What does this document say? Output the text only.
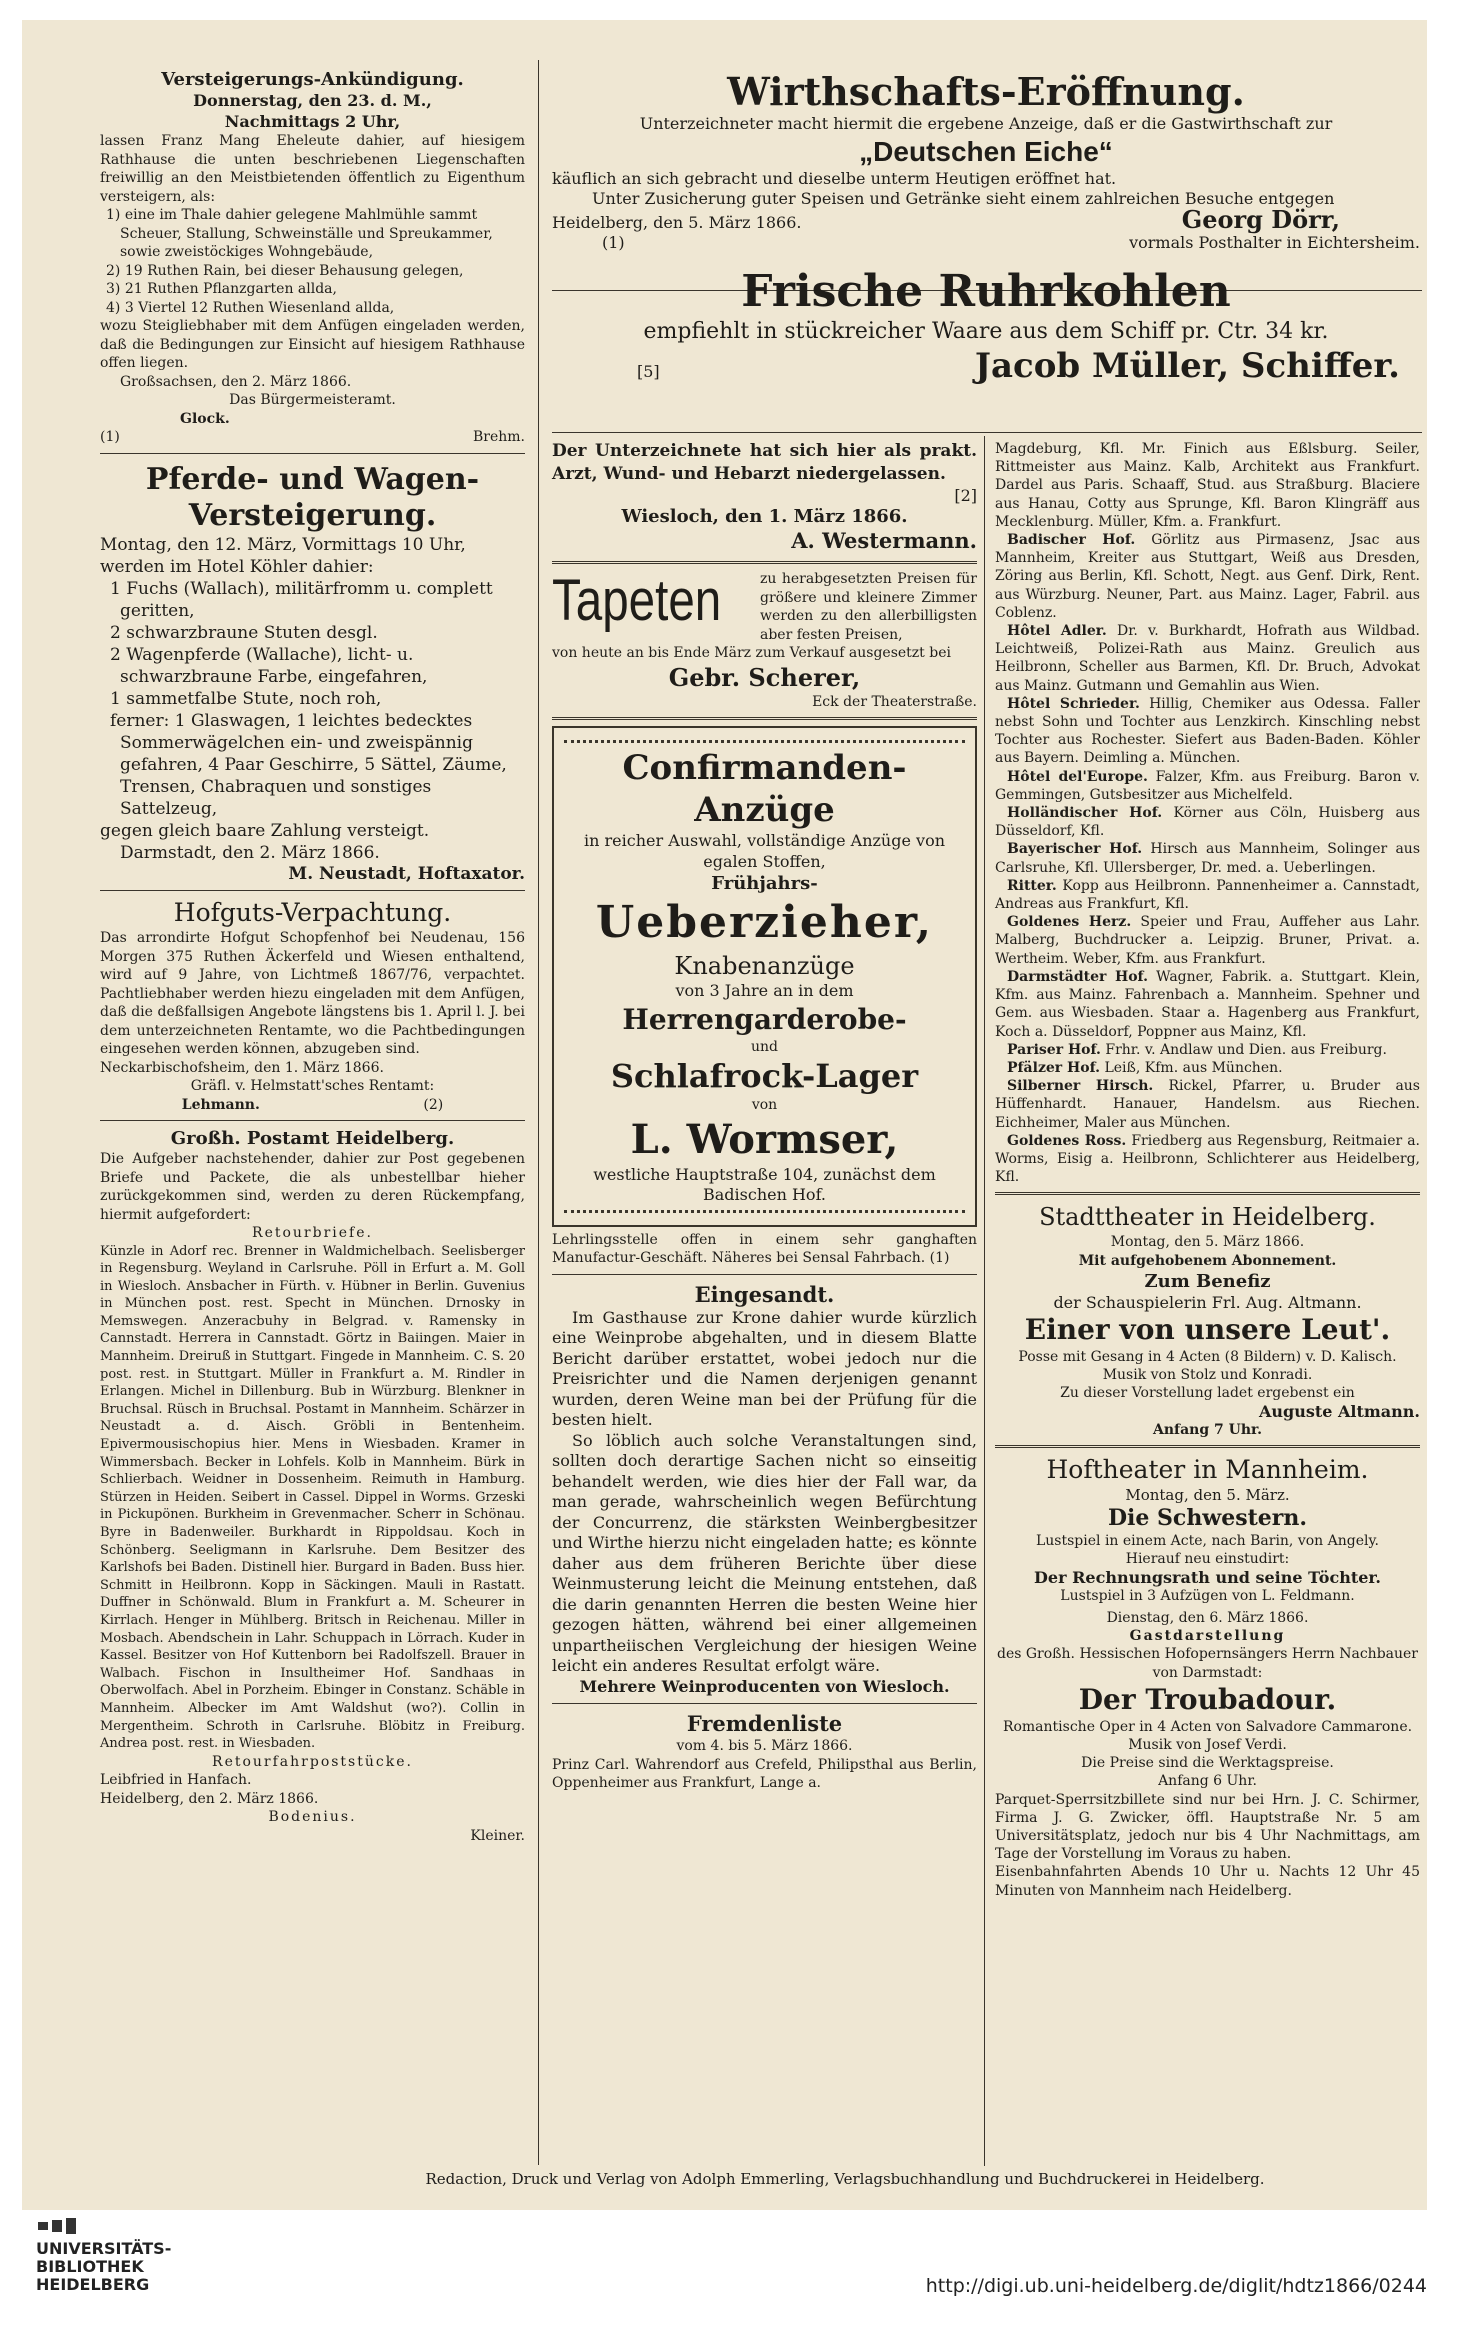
Versteigerungs-Ankündigung.
Donnerstag, den 23. d. M.,
Nachmittags 2 Uhr,
lassen Franz Mang Eheleute dahier, auf hiesigem Rathhause die unten beschriebenen Liegenschaften freiwillig an den Meistbietenden öffentlich zu Eigenthum versteigern, als:
1) eine im Thale dahier gelegene Mahlmühle sammt Scheuer, Stallung, Schweinställe und Spreukammer, sowie zweistöckiges Wohngebäude,
2) 19 Ruthen Rain, bei dieser Behausung gelegen,
3) 21 Ruthen Pflanzgarten allda,
4) 3 Viertel 12 Ruthen Wiesenland allda,
wozu Steigliebhaber mit dem Anfügen eingeladen werden, daß die Bedingungen zur Einsicht auf hiesigem Rathhause offen liegen.
Großsachsen, den 2. März 1866.
Das Bürgermeisteramt.
Glock.
(1)	Brehm.
Pferde- und Wagen-
Versteigerung.
Montag, den 12. März, Vormittags 10 Uhr, werden im Hotel Köhler dahier:
1 Fuchs (Wallach), militärfromm u. complett geritten,
2 schwarzbraune Stuten desgl.
2 Wagenpferde (Wallache), licht- u. schwarzbraune Farbe, eingefahren,
1 sammetfalbe Stute, noch roh,
ferner: 1 Glaswagen, 1 leichtes bedecktes Sommerwägelchen ein- und zweispännig gefahren, 4 Paar Geschirre, 5 Sättel, Zäume, Trensen, Chabraquen und sonstiges Sattelzeug,
gegen gleich baare Zahlung versteigt.
Darmstadt, den 2. März 1866.
M. Neustadt, Hoftaxator.
Hofguts-Verpachtung.
Das arrondirte Hofgut Schopfenhof bei Neudenau, 156 Morgen 375 Ruthen Äckerfeld und Wiesen enthaltend, wird auf 9 Jahre, von Lichtmeß 1867/76, verpachtet. Pachtliebhaber werden hiezu eingeladen mit dem Anfügen, daß die deßfallsigen Angebote längstens bis 1. April l. J. bei dem unterzeichneten Rentamte, wo die Pachtbedingungen eingesehen werden können, abzugeben sind.
Neckarbischofsheim, den 1. März 1866.
Gräfl. v. Helmstatt'sches Rentamt:
Lehmann.	(2)
Großh. Postamt Heidelberg.
Die Aufgeber nachstehender, dahier zur Post gegebenen Briefe und Packete, die als unbestellbar hieher zurückgekommen sind, werden zu deren Rückempfang, hiermit aufgefordert:
Retourbriefe.
Künzle in Adorf rec. Brenner in Waldmichelbach. Seelisberger in Regensburg. Weyland in Carlsruhe. Pöll in Erfurt a. M. Goll in Wiesloch. Ansbacher in Fürth. v. Hübner in Berlin. Guvenius in München post. rest. Specht in München. Drnosky in Memswegen. Anzeracbuhy in Belgrad. v. Ramensky in Cannstadt. Herrera in Cannstadt. Görtz in Baiingen. Maier in Mannheim. Dreiruß in Stuttgart. Fingede in Mannheim. C. S. 20 post. rest. in Stuttgart. Müller in Frankfurt a. M. Rindler in Erlangen. Michel in Dillenburg. Bub in Würzburg. Blenkner in Bruchsal. Rüsch in Bruchsal. Postamt in Mannheim. Schärzer in Neustadt a. d. Aisch. Gröbli in Bentenheim. Epivermousischopius hier. Mens in Wiesbaden. Kramer in Wimmersbach. Becker in Lohfels. Kolb in Mannheim. Bürk in Schlierbach. Weidner in Dossenheim. Reimuth in Hamburg. Stürzen in Heiden. Seibert in Cassel. Dippel in Worms. Grzeski in Pickupönen. Burkheim in Grevenmacher. Scherr in Schönau. Byre in Badenweiler. Burkhardt in Rippoldsau. Koch in Schönberg. Seeligmann in Karlsruhe. Dem Besitzer des Karlshofs bei Baden. Distinell hier. Burgard in Baden. Buss hier. Schmitt in Heilbronn. Kopp in Säckingen. Mauli in Rastatt. Duffner in Schönwald. Blum in Frankfurt a. M. Scheurer in Kirrlach. Henger in Mühlberg. Britsch in Reichenau. Miller in Mosbach. Abendschein in Lahr. Schuppach in Lörrach. Kuder in Kassel. Besitzer von Hof Kuttenborn bei Radolfszell. Brauer in Walbach. Fischon in Insultheimer Hof. Sandhaas in Oberwolfach. Abel in Porzheim. Ebinger in Constanz. Schäble in Mannheim. Albecker im Amt Waldshut (wo?). Collin in Mergentheim. Schroth in Carlsruhe. Blöbitz in Freiburg. Andrea post. rest. in Wiesbaden.
Retourfahrpoststücke.
Leibfried in Hanfach.
Heidelberg, den 2. März 1866.
Bodenius.
Kleiner.
Wirthschafts-Eröffnung.
Unterzeichneter macht hiermit die ergebene Anzeige, daß er die Gastwirthschaft zur
„Deutschen Eiche“
käuflich an sich gebracht und dieselbe unterm Heutigen eröffnet hat.
Unter Zusicherung guter Speisen und Getränke sieht einem zahlreichen Besuche entgegen
Heidelberg, den 5. März 1866.	Georg Dörr,
(1)	vormals Posthalter in Eichtersheim.
Frische Ruhrkohlen
empfiehlt in stückreicher Waare aus dem Schiff pr. Ctr. 34 kr.
[5]	Jacob Müller, Schiffer.
Der Unterzeichnete hat sich hier als prakt. Arzt, Wund- und Hebarzt niedergelassen.
[2]
Wiesloch, den 1. März 1866.
A. Westermann.
Tapeten	zu herabgesetzten Preisen für größere und kleinere Zimmer werden zu den allerbilligsten aber festen Preisen,
von heute an bis Ende März zum Verkauf ausgesetzt bei
Gebr. Scherer,
Eck der Theaterstraße.
Confirmanden-
Anzüge
in reicher Auswahl, vollständige Anzüge von egalen Stoffen,
Frühjahrs-
Ueberzieher,
Knabenanzüge
von 3 Jahre an in dem
Herrengarderobe-
und
Schlafrock-Lager
von
L. Wormser,
westliche Hauptstraße 104, zunächst dem Badischen Hof.
Lehrlingsstelle offen in einem sehr ganghaften Manufactur-Geschäft. Näheres bei Sensal Fahrbach. (1)
Eingesandt.
Im Gasthause zur Krone dahier wurde kürzlich eine Weinprobe abgehalten, und in diesem Blatte Bericht darüber erstattet, wobei jedoch nur die Preisrichter und die Namen derjenigen genannt wurden, deren Weine man bei der Prüfung für die besten hielt.
So löblich auch solche Veranstaltungen sind, sollten doch derartige Sachen nicht so einseitig behandelt werden, wie dies hier der Fall war, da man gerade, wahrscheinlich wegen Befürchtung der Concurrenz, die stärksten Weinbergbesitzer und Wirthe hierzu nicht eingeladen hatte; es könnte daher aus dem früheren Berichte über diese Weinmusterung leicht die Meinung entstehen, daß die darin genannten Herren die besten Weine hier gezogen hätten, während bei einer allgemeinen unpartheiischen Vergleichung der hiesigen Weine leicht ein anderes Resultat erfolgt wäre.
Mehrere Weinproducenten von Wiesloch.
Fremdenliste
vom 4. bis 5. März 1866.
Prinz Carl. Wahrendorf aus Crefeld, Philipsthal aus Berlin, Oppenheimer aus Frankfurt, Lange a.
Magdeburg, Kfl. Mr. Finich aus Eßlsburg. Seiler, Rittmeister aus Mainz. Kalb, Architekt aus Frankfurt. Dardel aus Paris. Schaaff, Stud. aus Straßburg. Blaciere aus Hanau, Cotty aus Sprunge, Kfl. Baron Klingräff aus Mecklenburg. Müller, Kfm. a. Frankfurt.
Badischer Hof. Görlitz aus Pirmasenz, Jsac aus Mannheim, Kreiter aus Stuttgart, Weiß aus Dresden, Zöring aus Berlin, Kfl. Schott, Negt. aus Genf. Dirk, Rent. aus Würzburg. Neuner, Part. aus Mainz. Lager, Fabril. aus Coblenz.
Hôtel Adler. Dr. v. Burkhardt, Hofrath aus Wildbad. Leichtweiß, Polizei-Rath aus Mainz. Greulich aus Heilbronn, Scheller aus Barmen, Kfl. Dr. Bruch, Advokat aus Mainz. Gutmann und Gemahlin aus Wien.
Hôtel Schrieder. Hillig, Chemiker aus Odessa. Faller nebst Sohn und Tochter aus Lenzkirch. Kinschling nebst Tochter aus Rochester. Siefert aus Baden-Baden. Köhler aus Bayern. Deimling a. München.
Hôtel del'Europe. Falzer, Kfm. aus Freiburg. Baron v. Gemmingen, Gutsbesitzer aus Michelfeld.
Holländischer Hof. Körner aus Cöln, Huisberg aus Düsseldorf, Kfl.
Bayerischer Hof. Hirsch aus Mannheim, Solinger aus Carlsruhe, Kfl. Ullersberger, Dr. med. a. Ueberlingen.
Ritter. Kopp aus Heilbronn. Pannenheimer a. Cannstadt, Andreas aus Frankfurt, Kfl.
Goldenes Herz. Speier und Frau, Auffeher aus Lahr. Malberg, Buchdrucker a. Leipzig. Bruner, Privat. a. Wertheim. Weber, Kfm. aus Frankfurt.
Darmstädter Hof. Wagner, Fabrik. a. Stuttgart. Klein, Kfm. aus Mainz. Fahrenbach a. Mannheim. Spehner und Gem. aus Wiesbaden. Staar a. Hagenberg aus Frankfurt, Koch a. Düsseldorf, Poppner aus Mainz, Kfl.
Pariser Hof. Frhr. v. Andlaw und Dien. aus Freiburg.
Pfälzer Hof. Leiß, Kfm. aus München.
Silberner Hirsch. Rickel, Pfarrer, u. Bruder aus Hüffenhardt. Hanauer, Handelsm. aus Riechen. Eichheimer, Maler aus München.
Goldenes Ross. Friedberg aus Regensburg, Reitmaier a. Worms, Eisig a. Heilbronn, Schlichterer aus Heidelberg, Kfl.
Stadttheater in Heidelberg.
Montag, den 5. März 1866.
Mit aufgehobenem Abonnement.
Zum Benefiz
der Schauspielerin Frl. Aug. Altmann.
Einer von unsere Leut'.
Posse mit Gesang in 4 Acten (8 Bildern) v. D. Kalisch. Musik von Stolz und Konradi.
Zu dieser Vorstellung ladet ergebenst ein
Auguste Altmann.
Anfang 7 Uhr.
Hoftheater in Mannheim.
Montag, den 5. März.
Die Schwestern.
Lustspiel in einem Acte, nach Barin, von Angely.
Hierauf neu einstudirt:
Der Rechnungsrath und seine Töchter.
Lustspiel in 3 Aufzügen von L. Feldmann.
Dienstag, den 6. März 1866.
Gastdarstellung
des Großh. Hessischen Hofopernsängers Herrn Nachbauer von Darmstadt:
Der Troubadour.
Romantische Oper in 4 Acten von Salvadore Cammarone. Musik von Josef Verdi.
Die Preise sind die Werktagspreise.
Anfang 6 Uhr.
Parquet-Sperrsitzbillete sind nur bei Hrn. J. C. Schirmer, Firma J. G. Zwicker, öffl. Hauptstraße Nr. 5 am Universitätsplatz, jedoch nur bis 4 Uhr Nachmittags, am Tage der Vorstellung im Voraus zu haben.
Eisenbahnfahrten Abends 10 Uhr u. Nachts 12 Uhr 45 Minuten von Mannheim nach Heidelberg.
Redaction, Druck und Verlag von Adolph Emmerling, Verlagsbuchhandlung und Buchdruckerei in Heidelberg.
UNIVERSITÄTS-
BIBLIOTHEK
HEIDELBERG	http://digi.ub.uni-heidelberg.de/diglit/hdtz1866/0244
